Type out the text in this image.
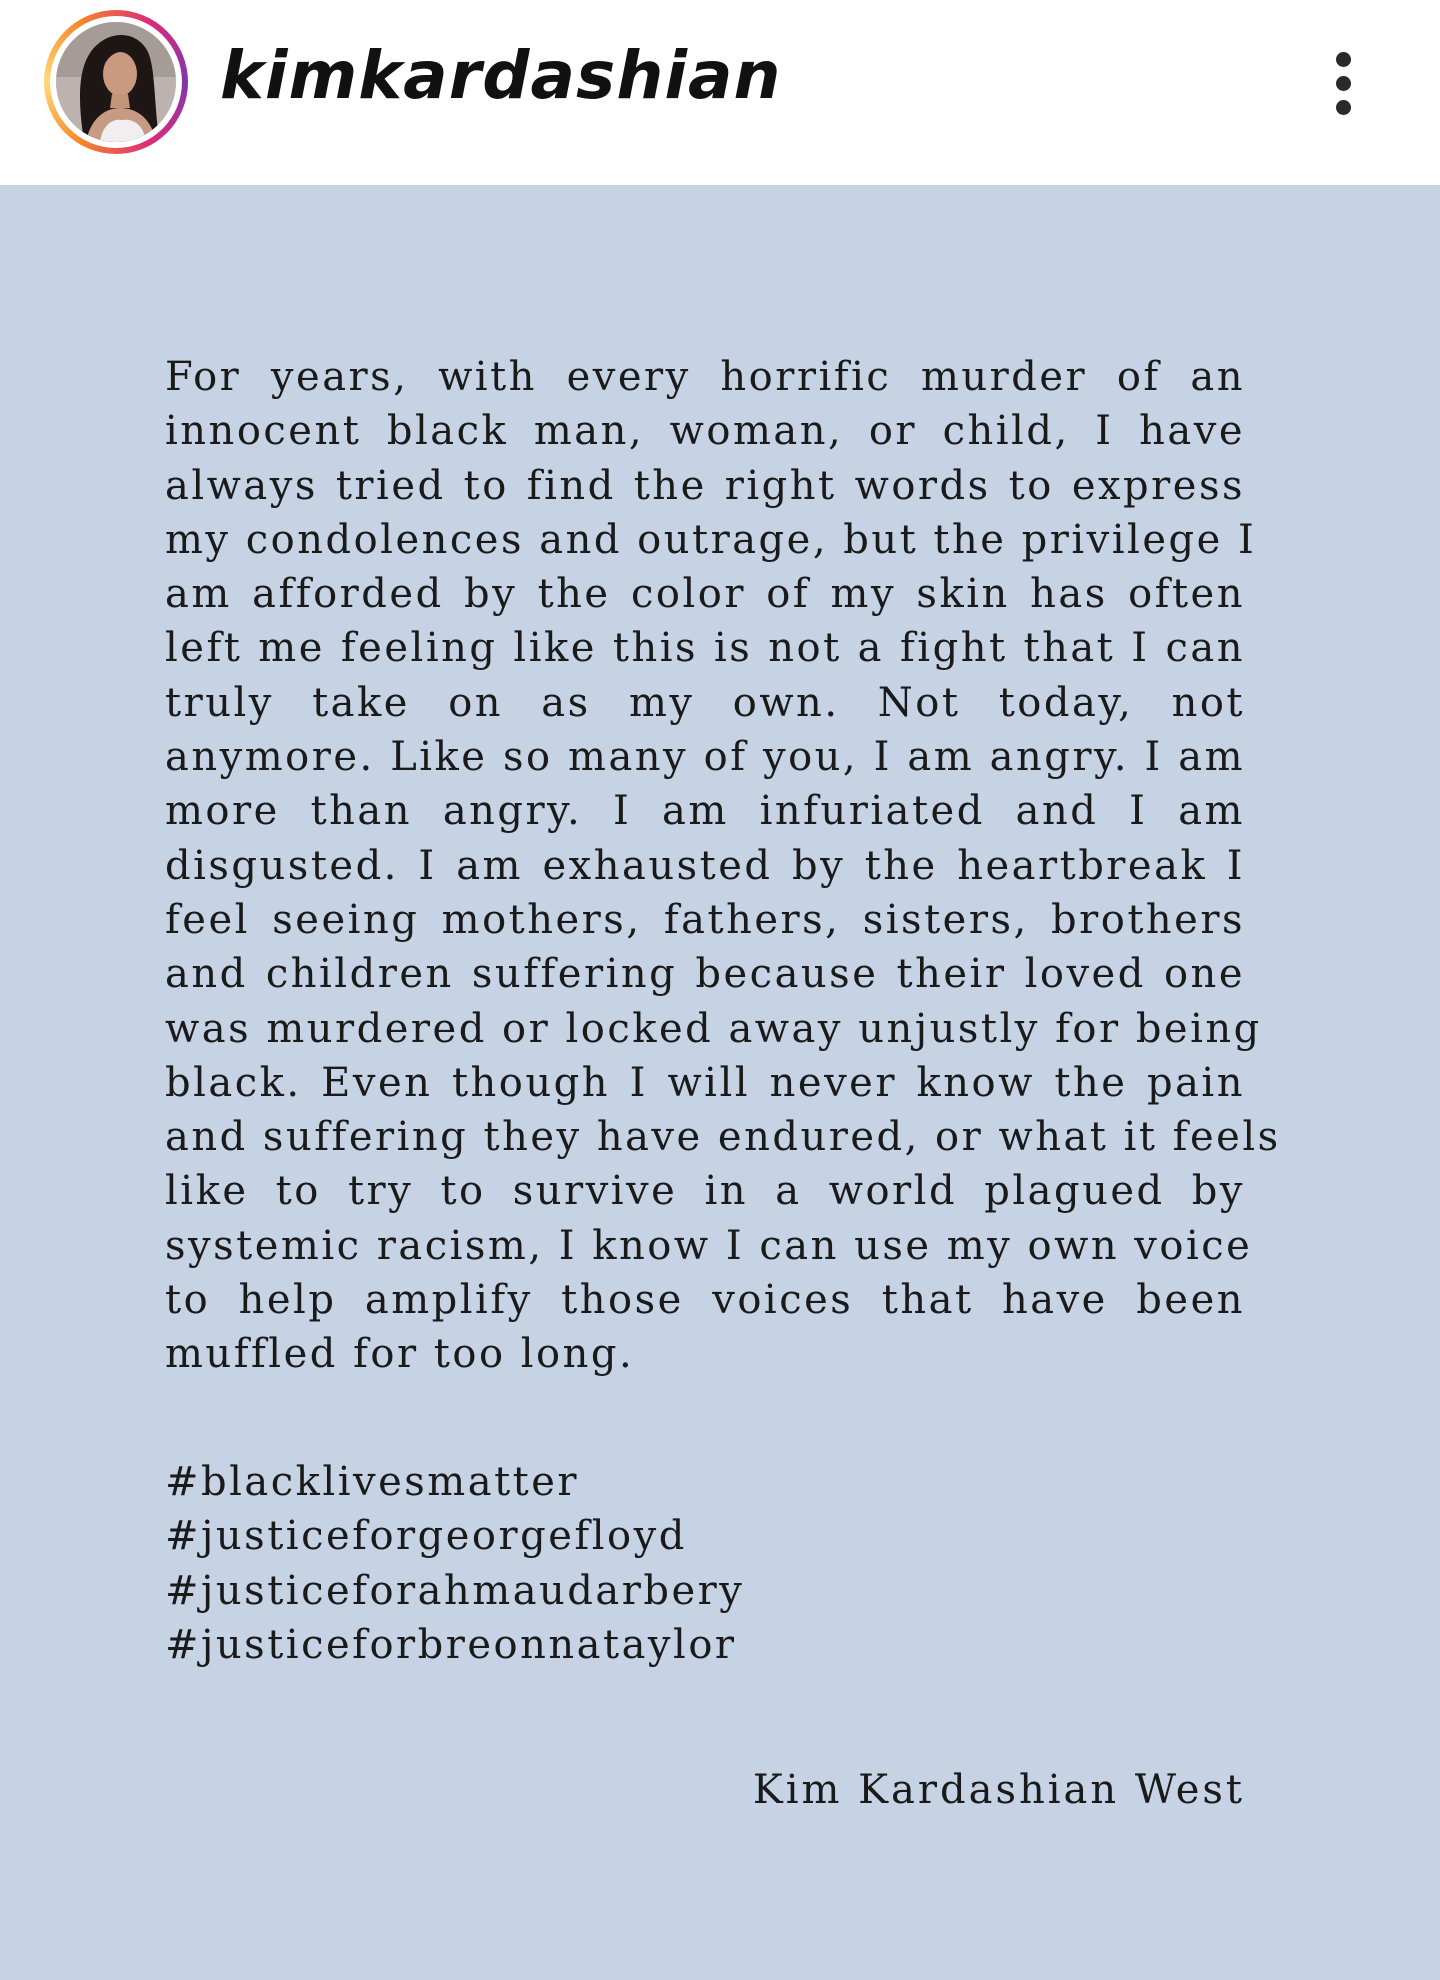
kimkardashian
For years, with every horrific murder of an
innocent black man, woman, or child, I have
always tried to find the right words to express
my condolences and outrage, but the privilege I
am afforded by the color of my skin has often
left me feeling like this is not a fight that I can
truly take on as my own. Not today, not
anymore. Like so many of you, I am angry. I am
more than angry. I am infuriated and I am
disgusted. I am exhausted by the heartbreak I
feel seeing mothers, fathers, sisters, brothers
and children suffering because their loved one
was murdered or locked away unjustly for being
black. Even though I will never know the pain
and suffering they have endured, or what it feels
like to try to survive in a world plagued by
systemic racism, I know I can use my own voice
to help amplify those voices that have been
muffled for too long.
#blacklivesmatter
#justiceforgeorgefloyd
#justiceforahmaudarbery
#justiceforbreonnataylor
Kim Kardashian West
